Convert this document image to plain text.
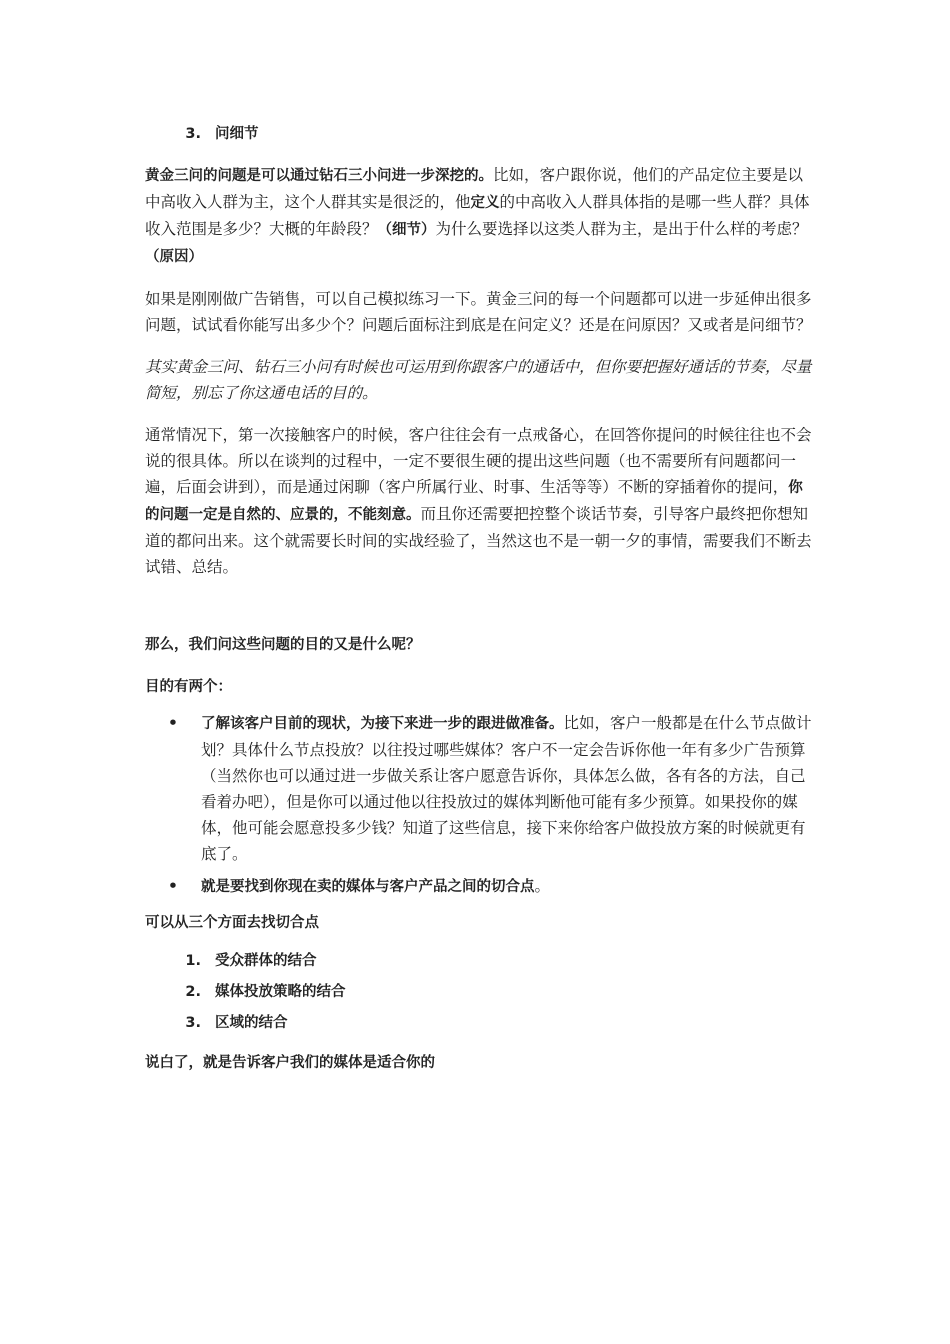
3. 问细节

黄金三问的问题是可以通过钻石三小问进一步深挖的。比如，客户跟你说，他们的产品定位主要是以中高收入人群为主，这个人群其实是很泛的，他定义的中高收入人群具体指的是哪一些人群？具体收入范围是多少？大概的年龄段？（细节）为什么要选择以这类人群为主，是出于什么样的考虑？（原因）

如果是刚刚做广告销售，可以自己模拟练习一下。黄金三问的每一个问题都可以进一步延伸出很多问题，试试看你能写出多少个？问题后面标注到底是在问定义？还是在问原因？又或者是问细节？

其实黄金三问、钻石三小问有时候也可运用到你跟客户的通话中，但你要把握好通话的节奏，尽量简短，别忘了你这通电话的目的。

通常情况下，第一次接触客户的时候，客户往往会有一点戒备心，在回答你提问的时候往往也不会说的很具体。所以在谈判的过程中，一定不要很生硬的提出这些问题（也不需要所有问题都问一遍，后面会讲到），而是通过闲聊（客户所属行业、时事、生活等等）不断的穿插着你的提问，你的问题一定是自然的、应景的，不能刻意。而且你还需要把控整个谈话节奏，引导客户最终把你想知道的都问出来。这个就需要长时间的实战经验了，当然这也不是一朝一夕的事情，需要我们不断去试错、总结。

那么，我们问这些问题的目的又是什么呢？

目的有两个：

•	了解该客户目前的现状，为接下来进一步的跟进做准备。比如，客户一般都是在什么节点做计划？具体什么节点投放？以往投过哪些媒体？客户不一定会告诉你他一年有多少广告预算（当然你也可以通过进一步做关系让客户愿意告诉你，具体怎么做，各有各的方法，自己看着办吧），但是你可以通过他以往投放过的媒体判断他可能有多少预算。如果投你的媒体，他可能会愿意投多少钱？知道了这些信息，接下来你给客户做投放方案的时候就更有底了。
•	就是要找到你现在卖的媒体与客户产品之间的切合点。

可以从三个方面去找切合点

1. 受众群体的结合
2. 媒体投放策略的结合
3. 区域的结合

说白了，就是告诉客户我们的媒体是适合你的
